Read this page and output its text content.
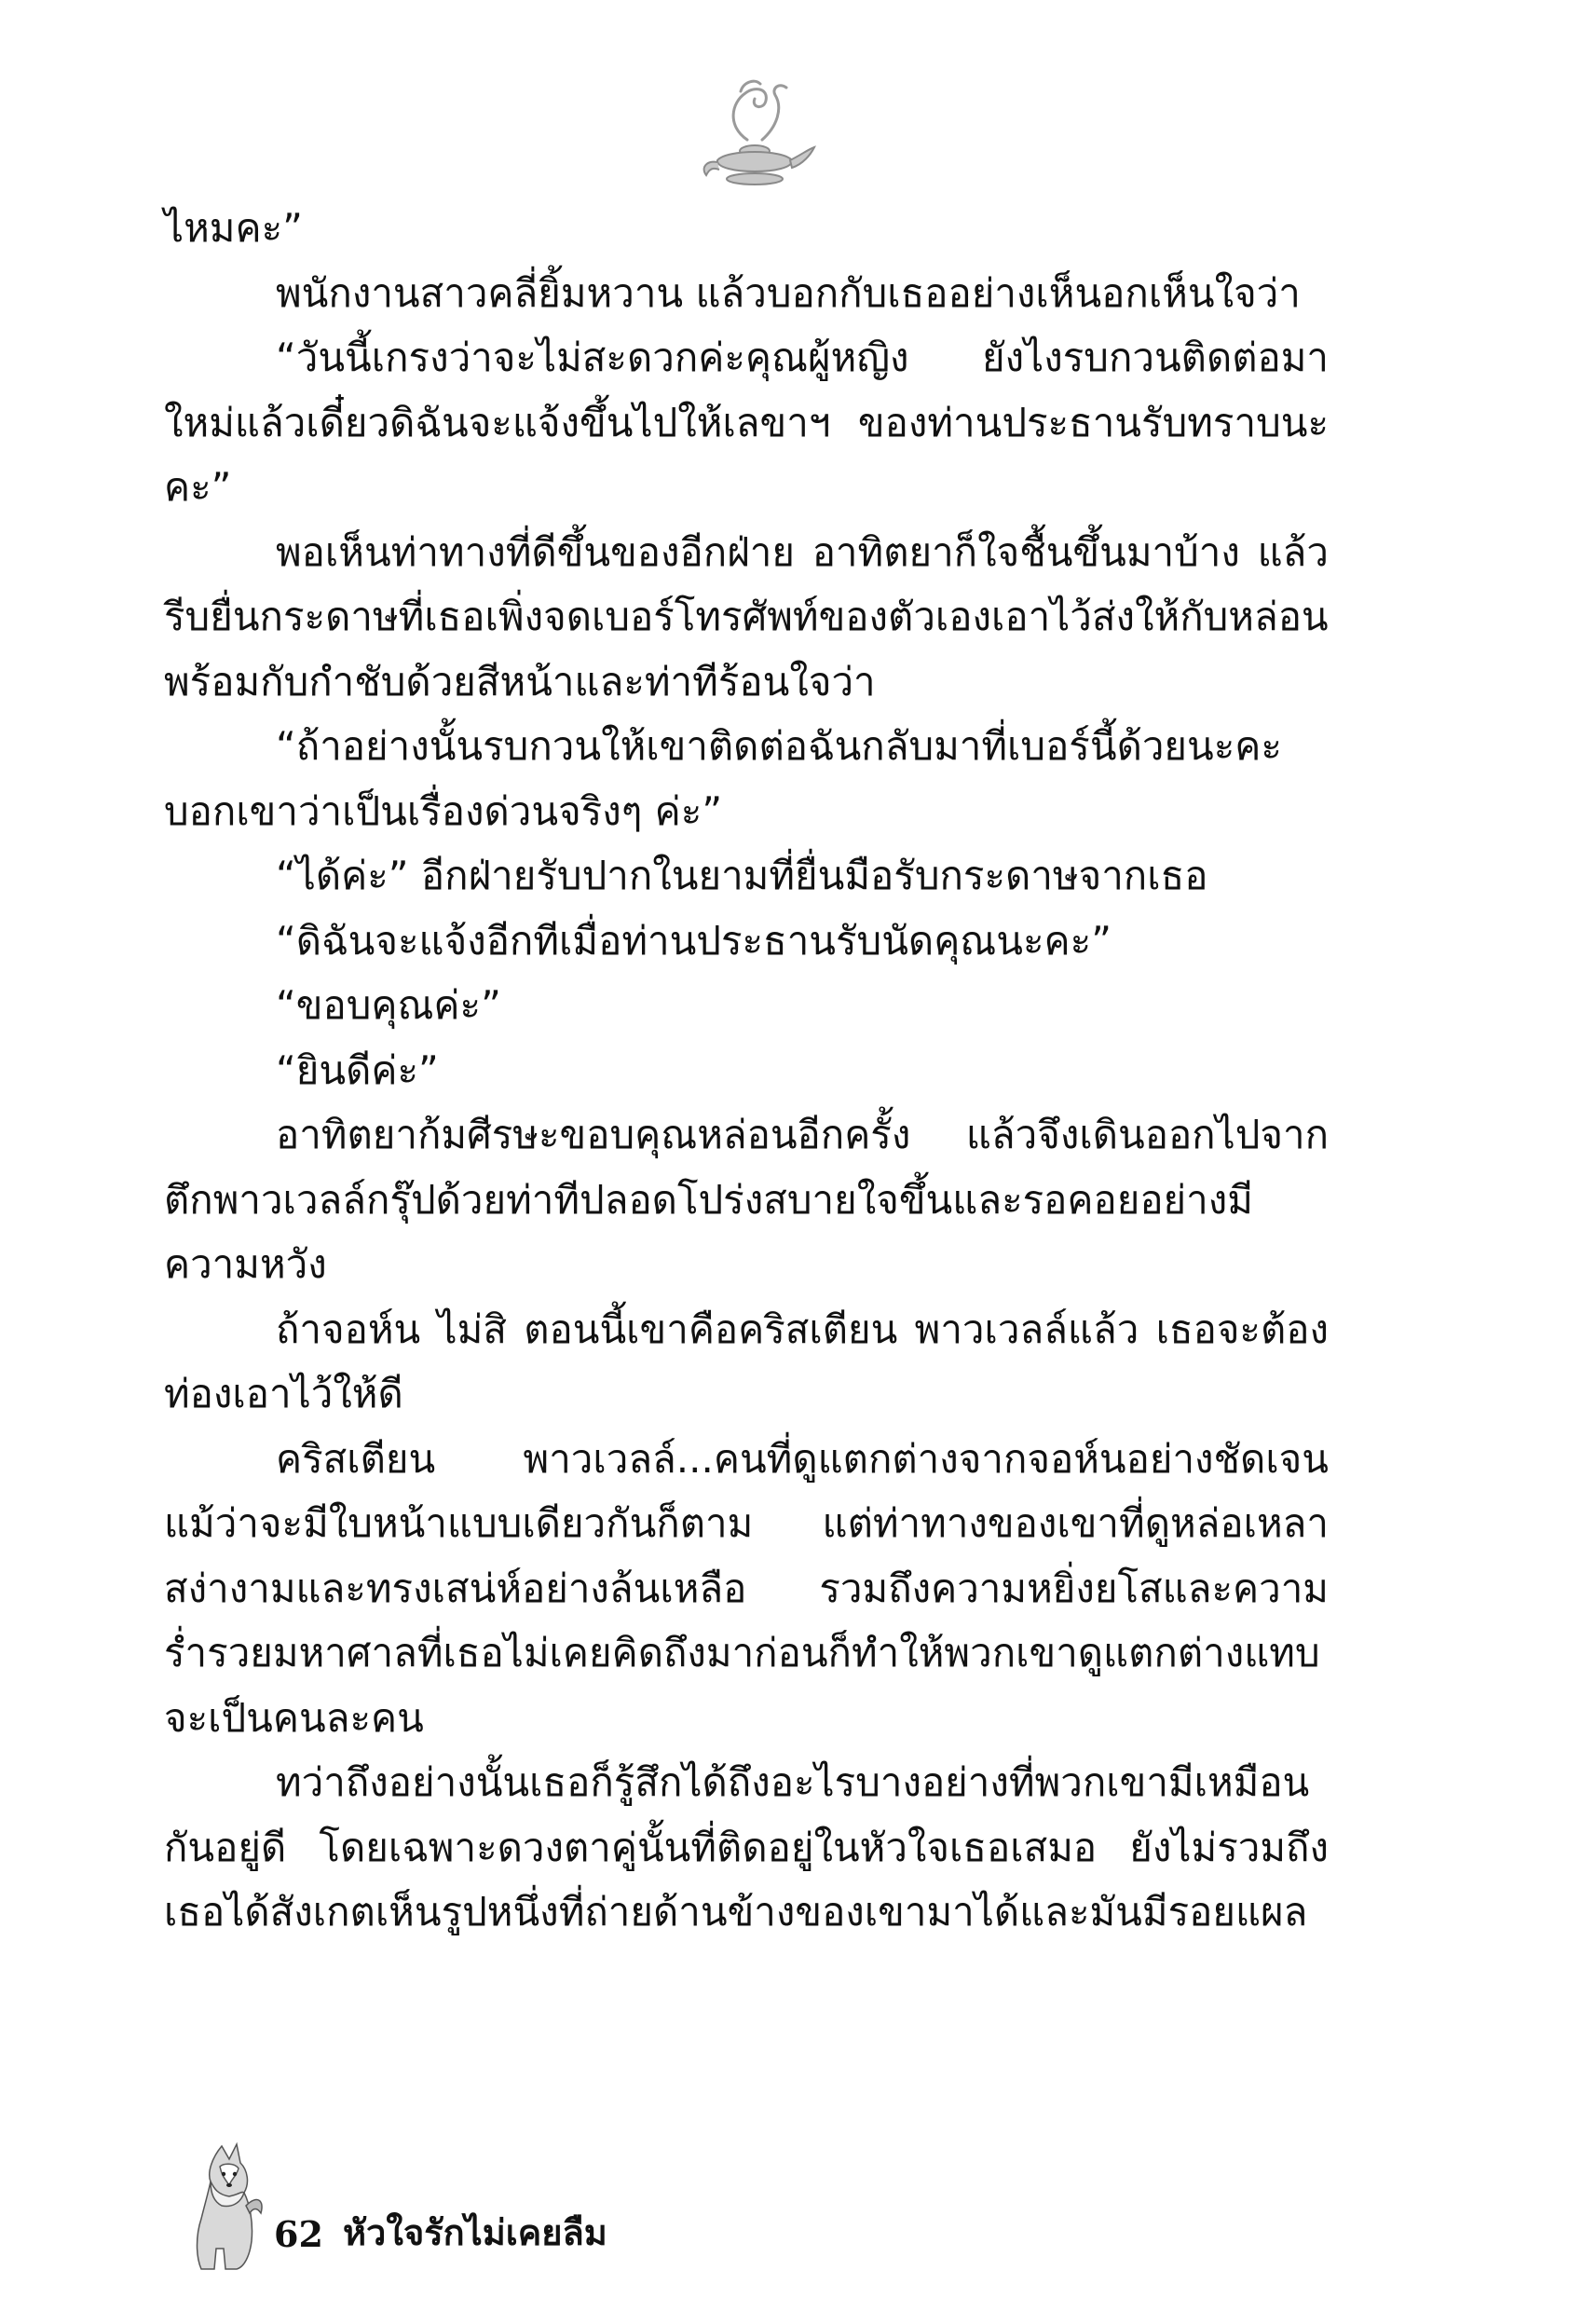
ไหมคะ”

พนักงานสาวคลี่ยิ้มหวาน แล้วบอกกับเธออย่างเห็นอกเห็นใจว่า

“วันนี้เกรงว่าจะไม่สะดวกค่ะคุณผู้หญิง ยังไงรบกวนติดต่อมาใหม่แล้วเดี๋ยวดิฉันจะแจ้งขึ้นไปให้เลขาฯ ของท่านประธานรับทราบนะคะ”

พอเห็นท่าทางที่ดีขึ้นของอีกฝ่าย อาทิตยาก็ใจชื้นขึ้นมาบ้าง แล้วรีบยื่นกระดาษที่เธอเพิ่งจดเบอร์โทรศัพท์ของตัวเองเอาไว้ส่งให้กับหล่อนพร้อมกับกำชับด้วยสีหน้าและท่าทีร้อนใจว่า

“ถ้าอย่างนั้นรบกวนให้เขาติดต่อฉันกลับมาที่เบอร์นี้ด้วยนะคะบอกเขาว่าเป็นเรื่องด่วนจริงๆ ค่ะ”

“ได้ค่ะ” อีกฝ่ายรับปากในยามที่ยื่นมือรับกระดาษจากเธอ

“ดิฉันจะแจ้งอีกทีเมื่อท่านประธานรับนัดคุณนะคะ”

“ขอบคุณค่ะ”

“ยินดีค่ะ”

อาทิตยาก้มศีรษะขอบคุณหล่อนอีกครั้ง แล้วจึงเดินออกไปจากตึกพาวเวลล์กรุ๊ปด้วยท่าทีปลอดโปร่งสบายใจขึ้นและรอคอยอย่างมีความหวัง

ถ้าจอห์น ไม่สิ ตอนนี้เขาคือคริสเตียน พาวเวลล์แล้ว เธอจะต้องท่องเอาไว้ให้ดี

คริสเตียน พาวเวลล์...คนที่ดูแตกต่างจากจอห์นอย่างชัดเจนแม้ว่าจะมีใบหน้าแบบเดียวกันก็ตาม แต่ท่าทางของเขาที่ดูหล่อเหลาสง่างามและทรงเสน่ห์อย่างล้นเหลือ รวมถึงความหยิ่งยโสและความร่ำรวยมหาศาลที่เธอไม่เคยคิดถึงมาก่อนก็ทำให้พวกเขาดูแตกต่างแทบจะเป็นคนละคน

ทว่าถึงอย่างนั้นเธอก็รู้สึกได้ถึงอะไรบางอย่างที่พวกเขามีเหมือนกันอยู่ดี โดยเฉพาะดวงตาคู่นั้นที่ติดอยู่ในหัวใจเธอเสมอ ยังไม่รวมถึงเธอได้สังเกตเห็นรูปหนึ่งที่ถ่ายด้านข้างของเขามาได้และมันมีรอยแผล

62 หัวใจรักไม่เคยลืม
